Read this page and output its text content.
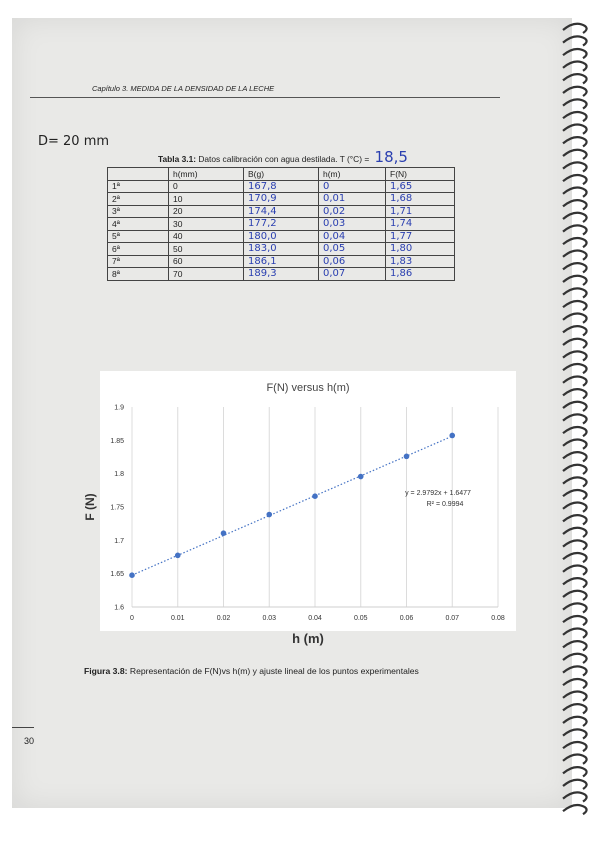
Capítulo 3. MEDIDA DE LA DENSIDAD DE LA LECHE
D= 20 mm
Tabla 3.1: Datos calibración con agua destilada. T (°C) = 18,5
	h(mm)	B(g)	h(m)	F(N)
1ª	0	167,8	0	1,65
2ª	10	170,9	0,01	1,68
3ª	20	174,4	0,02	1,71
4ª	30	177,2	0,03	1,74
5ª	40	180,0	0,04	1,77
6ª	50	183,0	0,05	1,80
7ª	60	186,1	0,06	1,83
8ª	70	189,3	0,07	1,86
F(N) versus h(m)
0	0.01	0.02	0.03	0.04	0.05	0.06	0.07	0.08
1.6
1.65
1.7
1.75
1.8
1.85
1.9
y = 2.9792x + 1.6477
R² = 0.9994
h (m)
F (N)
Figura 3.8: Representación de F(N)vs h(m) y ajuste lineal de los puntos experimentales
30
